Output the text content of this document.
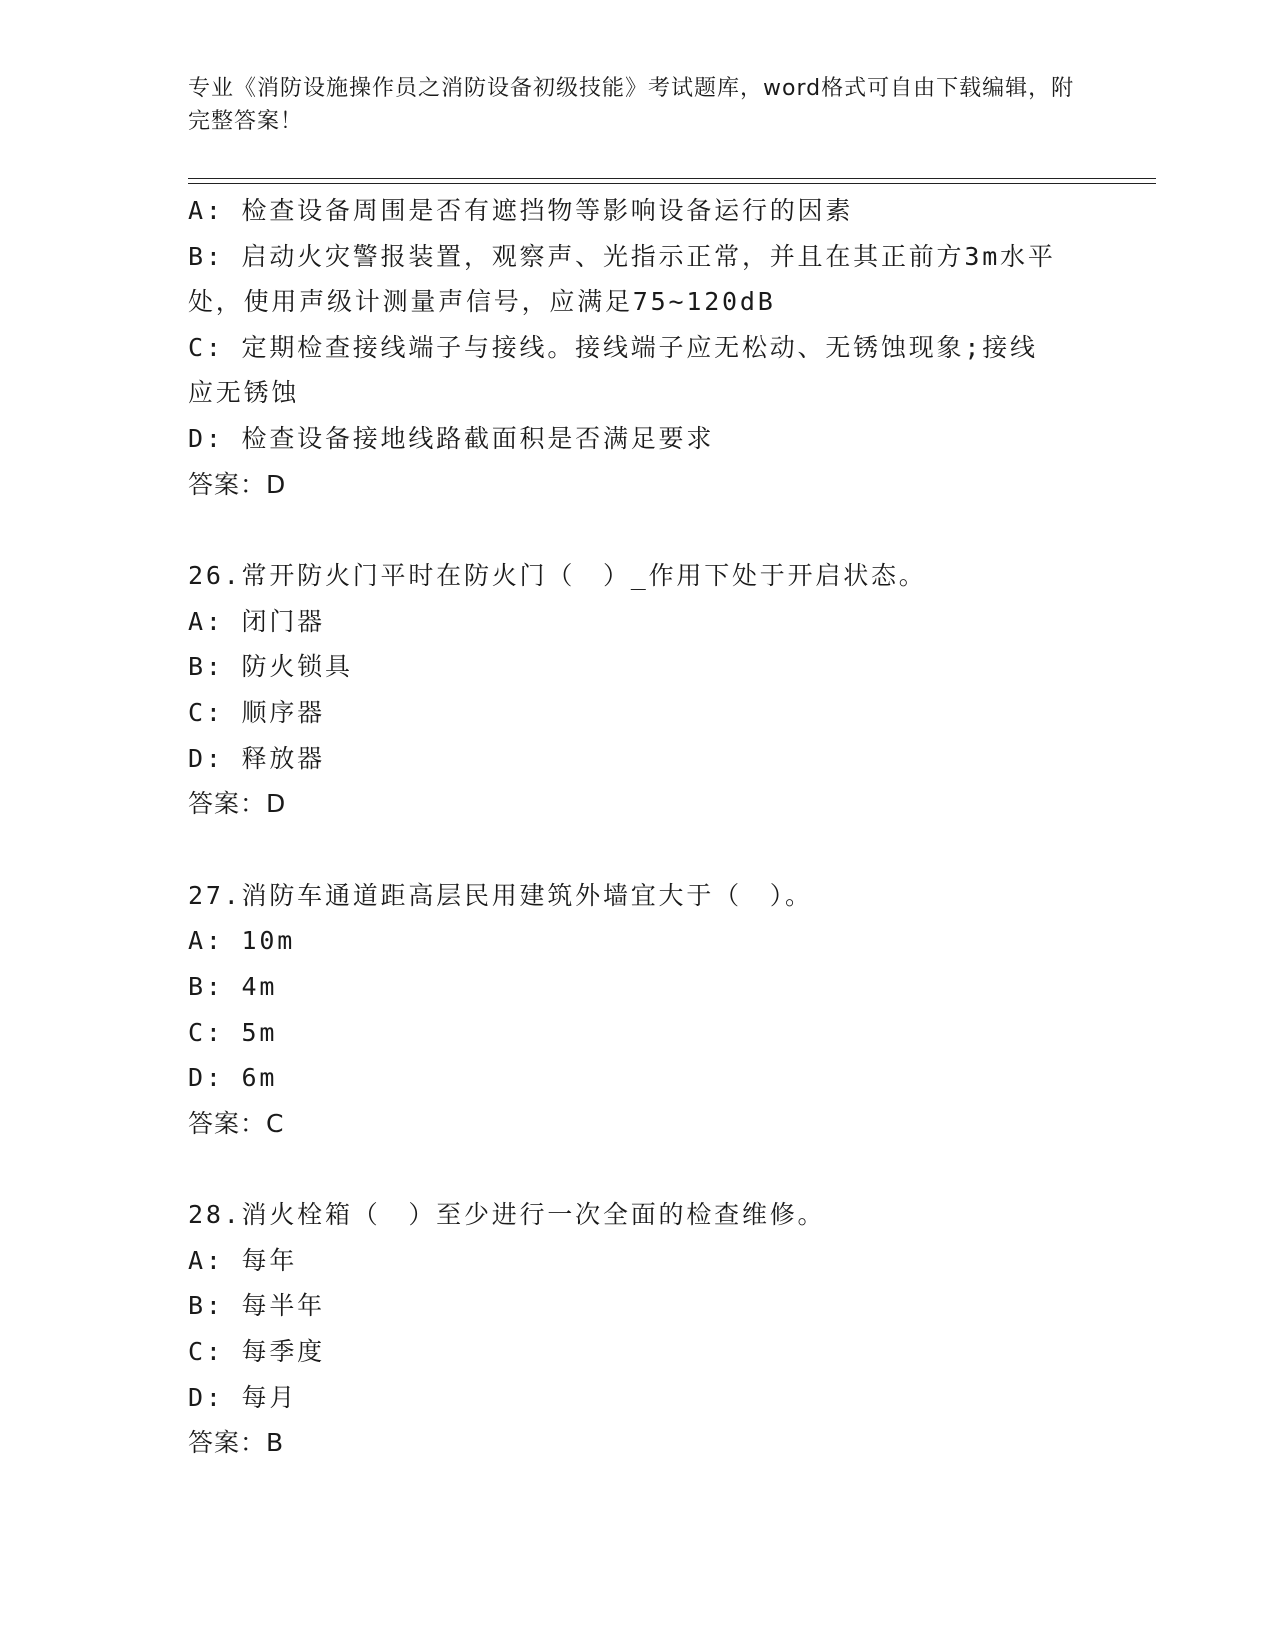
专业《消防设施操作员之消防设备初级技能》考试题库，word格式可自由下载编辑，附完整答案！
A: 检查设备周围是否有遮挡物等影响设备运行的因素
B: 启动火灾警报装置，观察声、光指示正常，并且在其正前方3m水平处，使用声级计测量声信号，应满足75~120dB
C: 定期检查接线端子与接线。接线端子应无松动、无锈蚀现象;接线应无锈蚀
D: 检查设备接地线路截面积是否满足要求
答案：D
26.常开防火门平时在防火门（　）_作用下处于开启状态。
A: 闭门器
B: 防火锁具
C: 顺序器
D: 释放器
答案：D
27.消防车通道距高层民用建筑外墙宜大于（　）。
A: 10m
B: 4m
C: 5m
D: 6m
答案：C
28.消火栓箱（　）至少进行一次全面的检查维修。
A: 每年
B: 每半年
C: 每季度
D: 每月
答案：B
